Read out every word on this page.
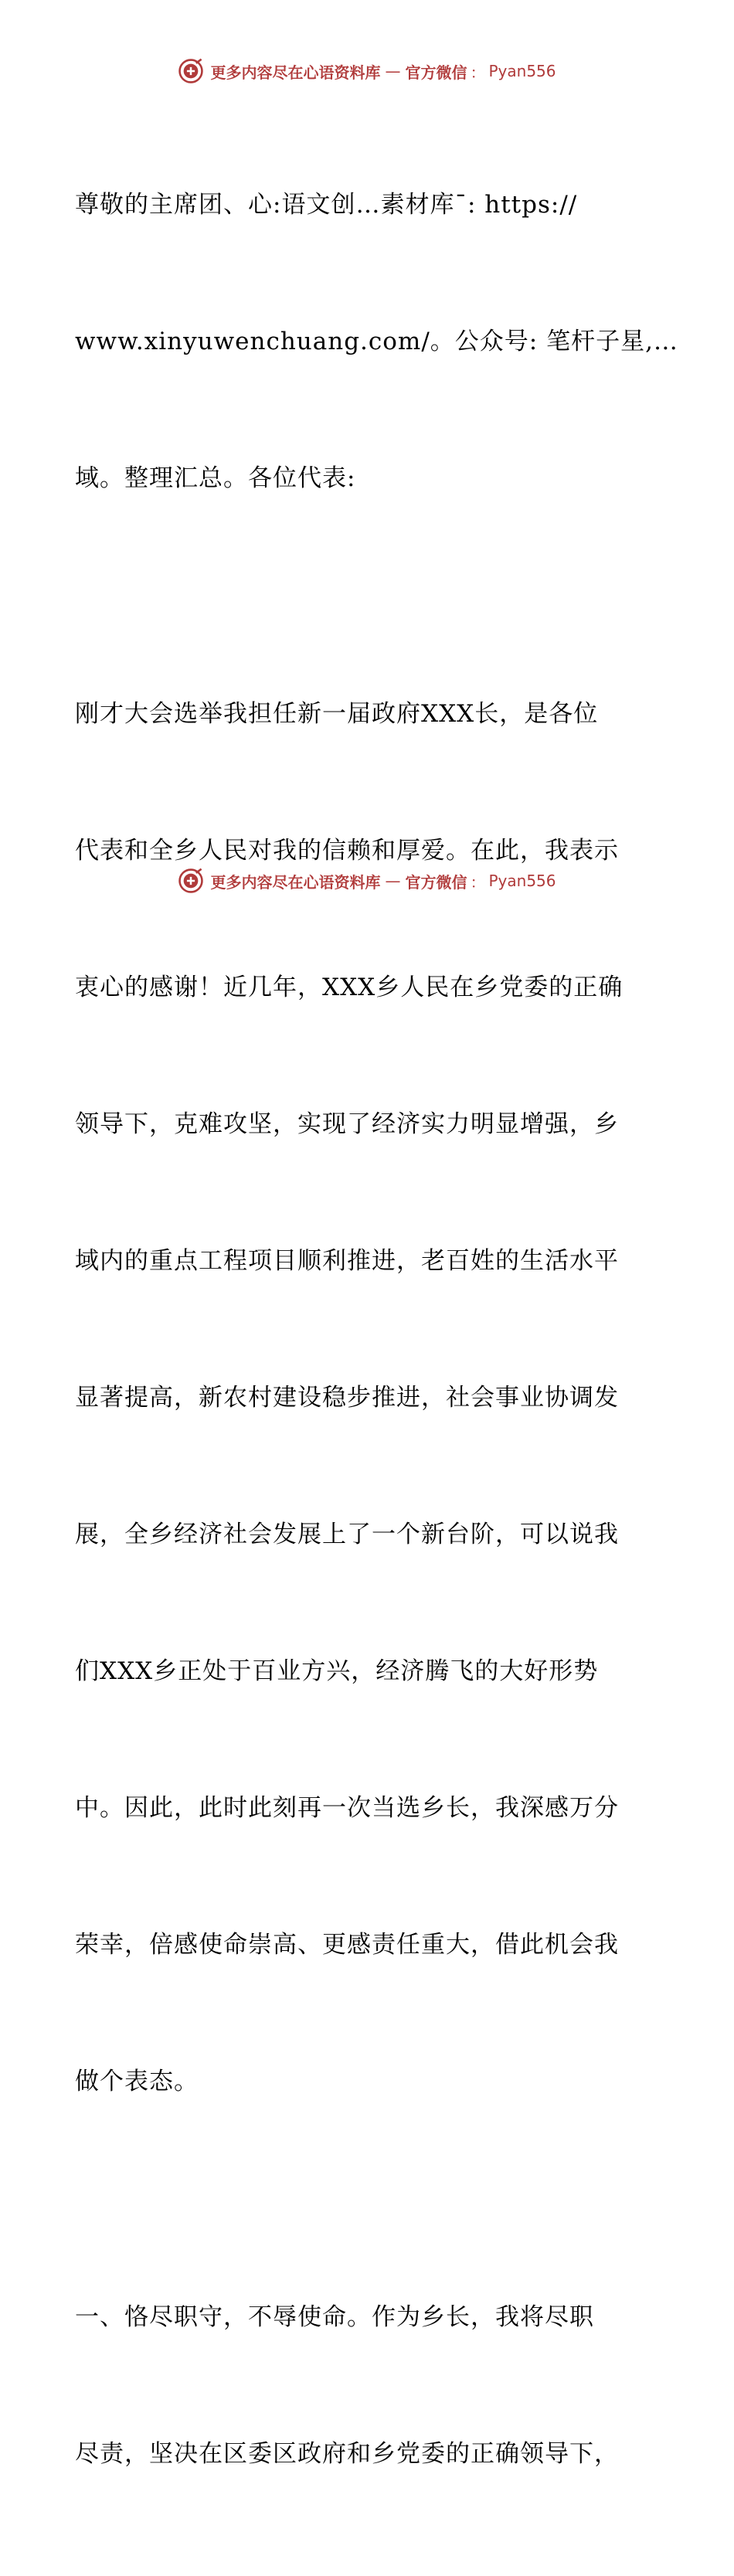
更多内容尽在心语资料库 — 官方微信 ： Pyan556

尊敬的主席团、心:语文创…素材库¯: https://

www.xinyuwenchuang.com/。公众号: 笔杆子星,…

域。整理汇总。各位代表:

刚才大会选举我担任新一届政府XXX长，是各位

代表和全乡人民对我的信赖和厚爱。在此，我表示

衷心的感谢！近几年，XXX乡人民在乡党委的正确

领导下，克难攻坚，实现了经济实力明显增强，乡

域内的重点工程项目顺利推进，老百姓的生活水平

显著提高，新农村建设稳步推进，社会事业协调发

展，全乡经济社会发展上了一个新台阶，可以说我

们XXX乡正处于百业方兴，经济腾飞的大好形势

中。因此，此时此刻再一次当选乡长，我深感万分

荣幸，倍感使命崇高、更感责任重大，借此机会我

做个表态。

一、恪尽职守，不辱使命。作为乡长，我将尽职

尽责，坚决在区委区政府和乡党委的正确领导下，

更多内容尽在心语资料库 — 官方微信 ： Pyan556
